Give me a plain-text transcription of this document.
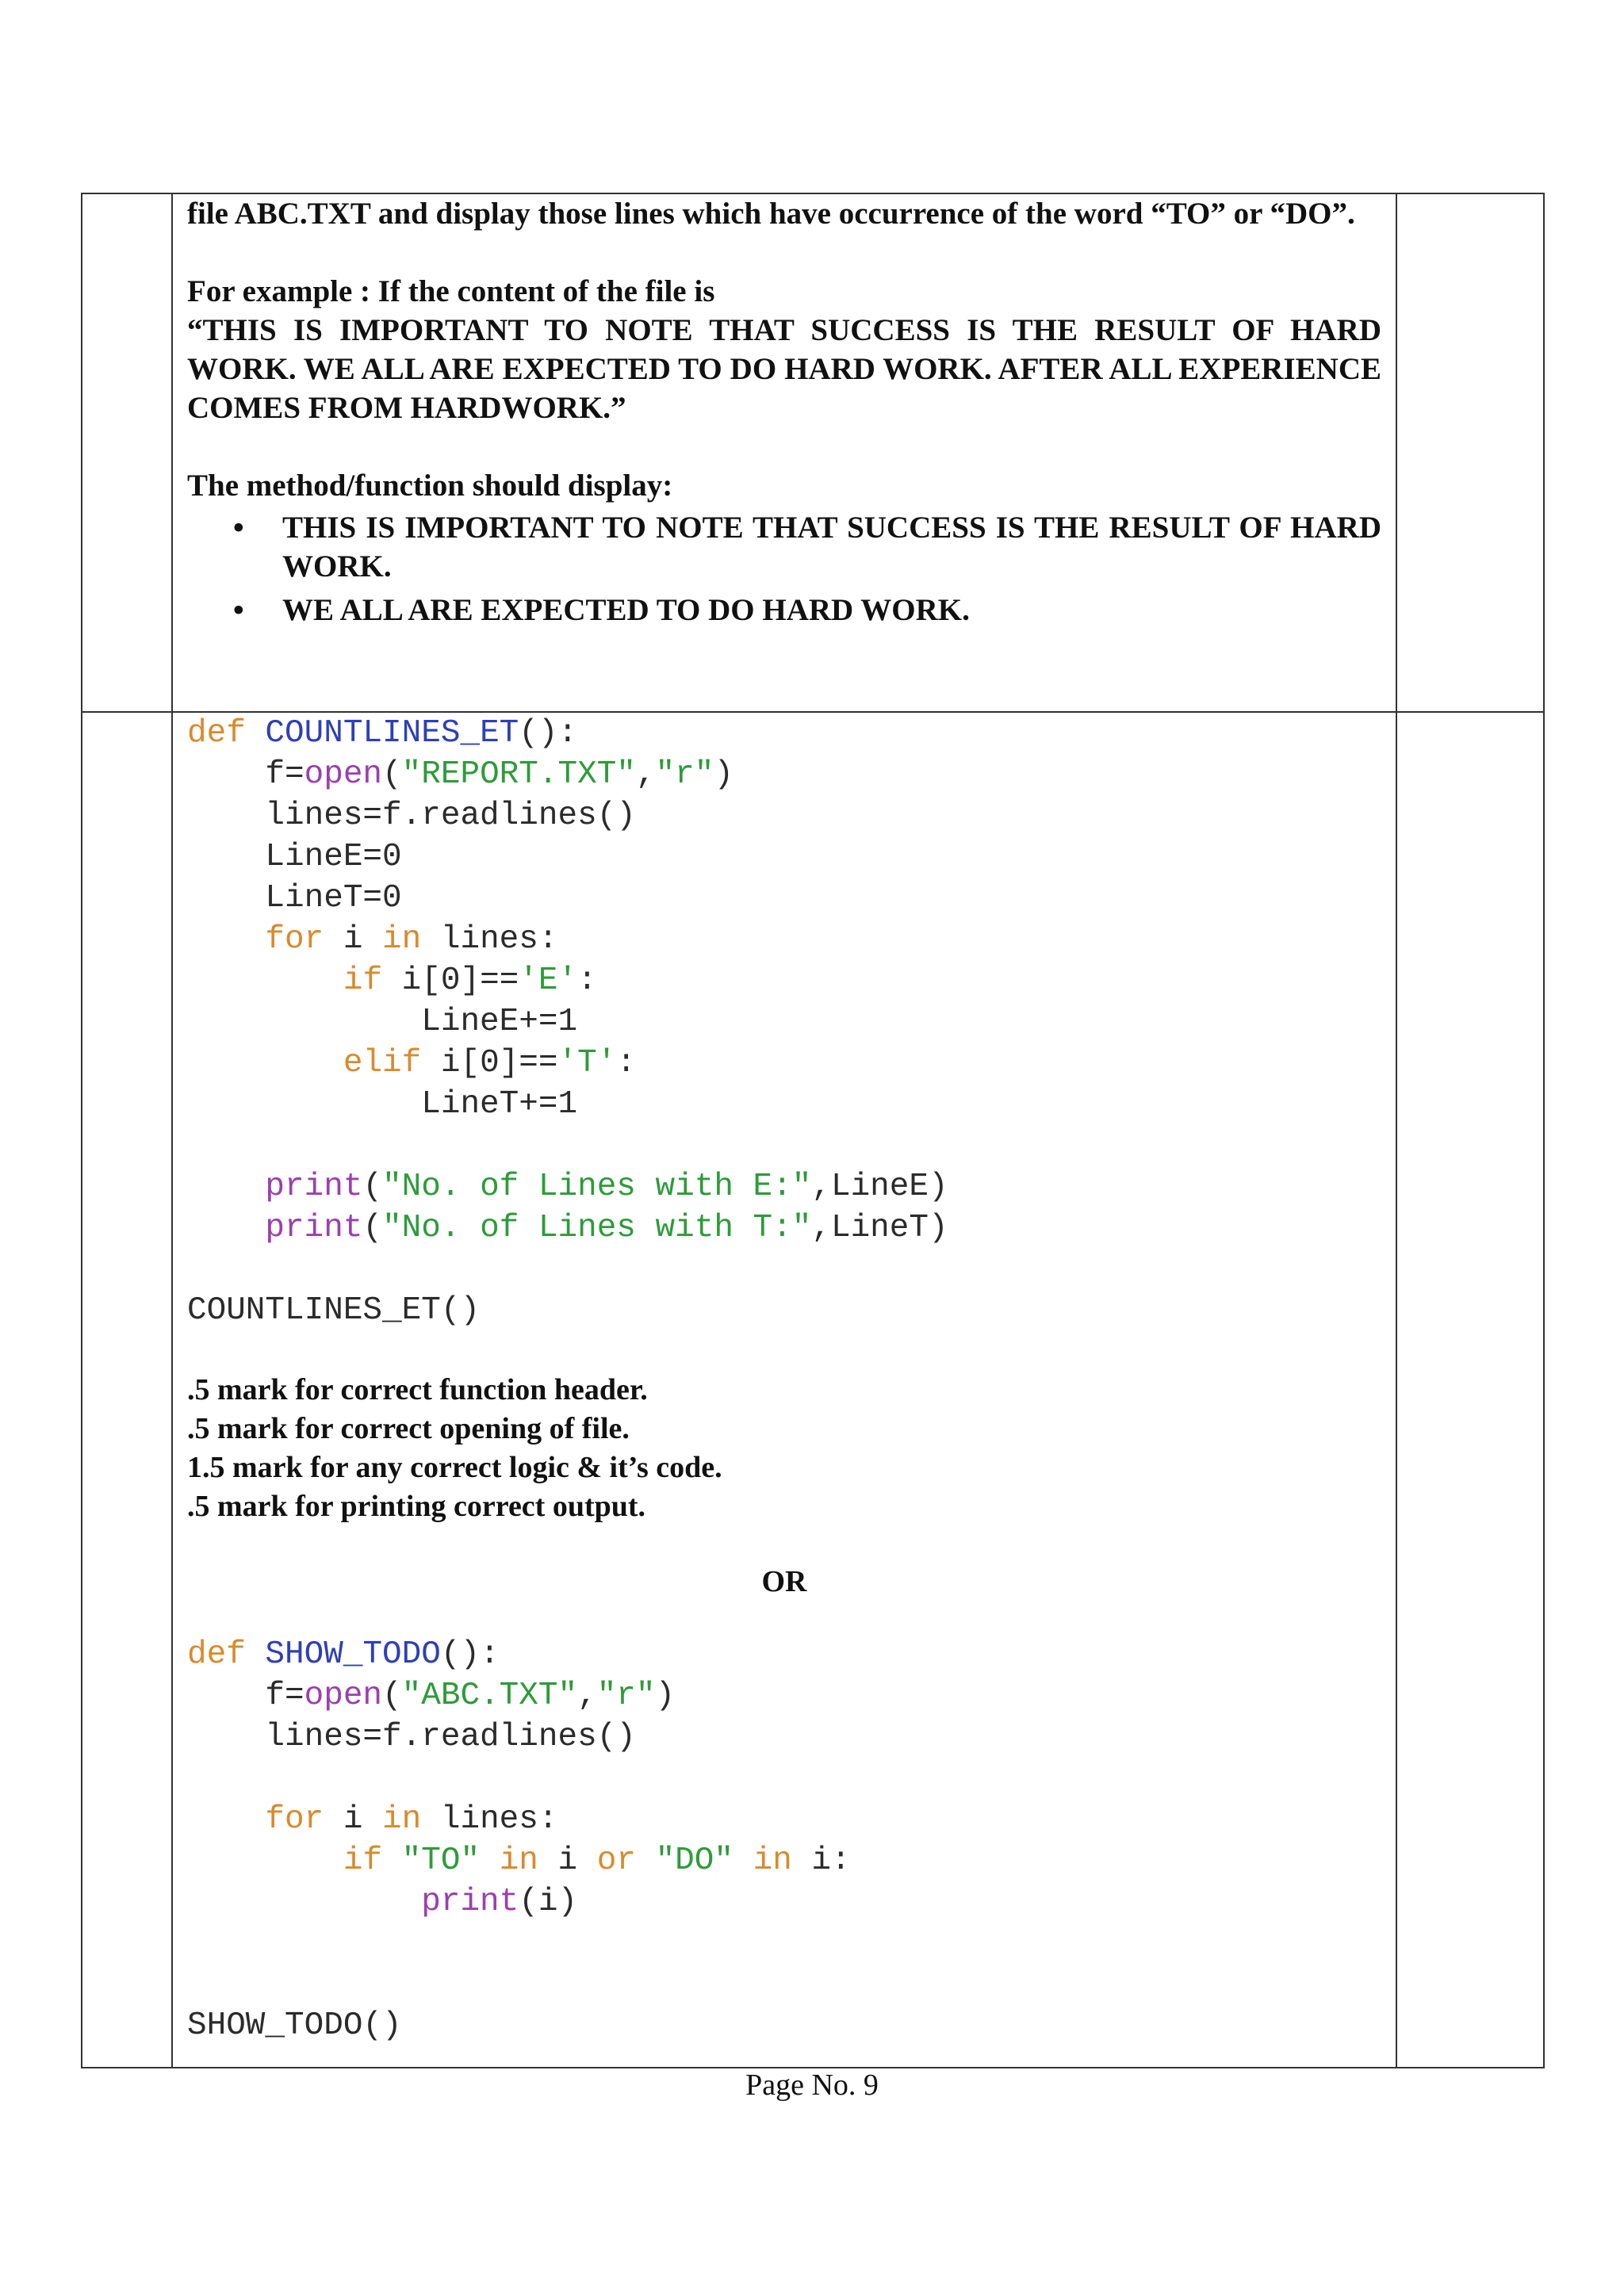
file ABC.TXT and display those lines which have occurrence of the word “TO” or “DO”.

For example : If the content of the file is

“THIS IS IMPORTANT TO NOTE THAT SUCCESS IS THE RESULT OF HARD WORK. WE ALL ARE EXPECTED TO DO HARD WORK. AFTER ALL EXPERIENCE COMES FROM HARDWORK.”

The method/function should display:

• THIS IS IMPORTANT TO NOTE THAT SUCCESS IS THE RESULT OF HARD WORK.
• WE ALL ARE EXPECTED TO DO HARD WORK.
def COUNTLINES_ET():
f=open("REPORT.TXT","r")
lines=f.readlines()
LineE=0
LineT=0
for i in lines:
if i[0]=='E':
LineE+=1
elif i[0]=='T':
LineT+=1

print("No. of Lines with E:",LineE)
print("No. of Lines with T:",LineT)

COUNTLINES_ET()
.5 mark for correct function header.
.5 mark for correct opening of file.
1.5 mark for any correct logic & it’s code.
.5 mark for printing correct output.
OR
def SHOW_TODO():
f=open("ABC.TXT","r")
lines=f.readlines()

for i in lines:
if "TO" in i or "DO" in i:
print(i)

SHOW_TODO()
Page No. 9
